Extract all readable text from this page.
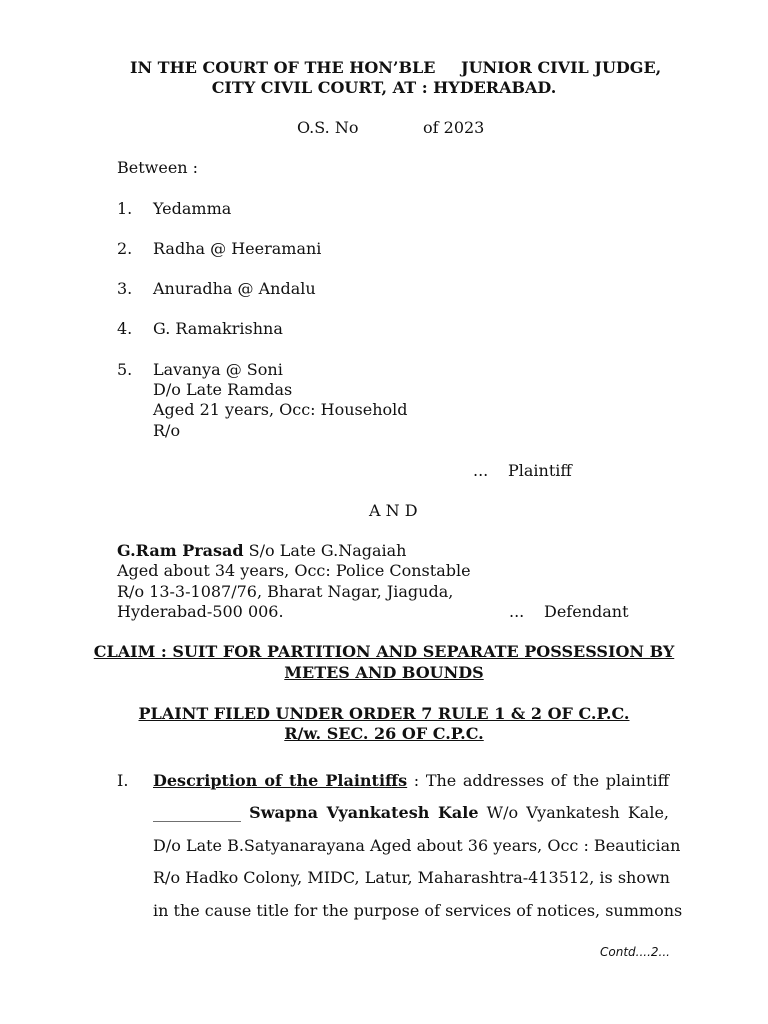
IN THE COURT OF THE HON’BLE JUNIOR CIVIL JUDGE,
CITY CIVIL COURT, AT : HYDERABAD.
O.S. No	of 2023
Between :
1. Yedamma
2. Radha @ Heeramani
3. Anuradha @ Andalu
4. G. Ramakrishna
5. Lavanya @ Soni
D/o Late Ramdas
Aged 21 years, Occ: Household
R/o
... Plaintiff
A N D
G.Ram Prasad S/o Late G.Nagaiah
Aged about 34 years, Occ: Police Constable
R/o 13-3-1087/76, Bharat Nagar, Jiaguda,
Hyderabad-500 006.	... Defendant
CLAIM : SUIT FOR PARTITION AND SEPARATE POSSESSION BY
METES AND BOUNDS
PLAINT FILED UNDER ORDER 7 RULE 1 & 2 OF C.P.C.
R/w. SEC. 26 OF C.P.C.
I. Description of the Plaintiffs : The addresses of the plaintiff
___________ Swapna Vyankatesh Kale W/o Vyankatesh Kale,
D/o Late B.Satyanarayana Aged about 36 years, Occ : Beautician
R/o Hadko Colony, MIDC, Latur, Maharashtra-413512, is shown
in the cause title for the purpose of services of notices, summons
Contd....2...
